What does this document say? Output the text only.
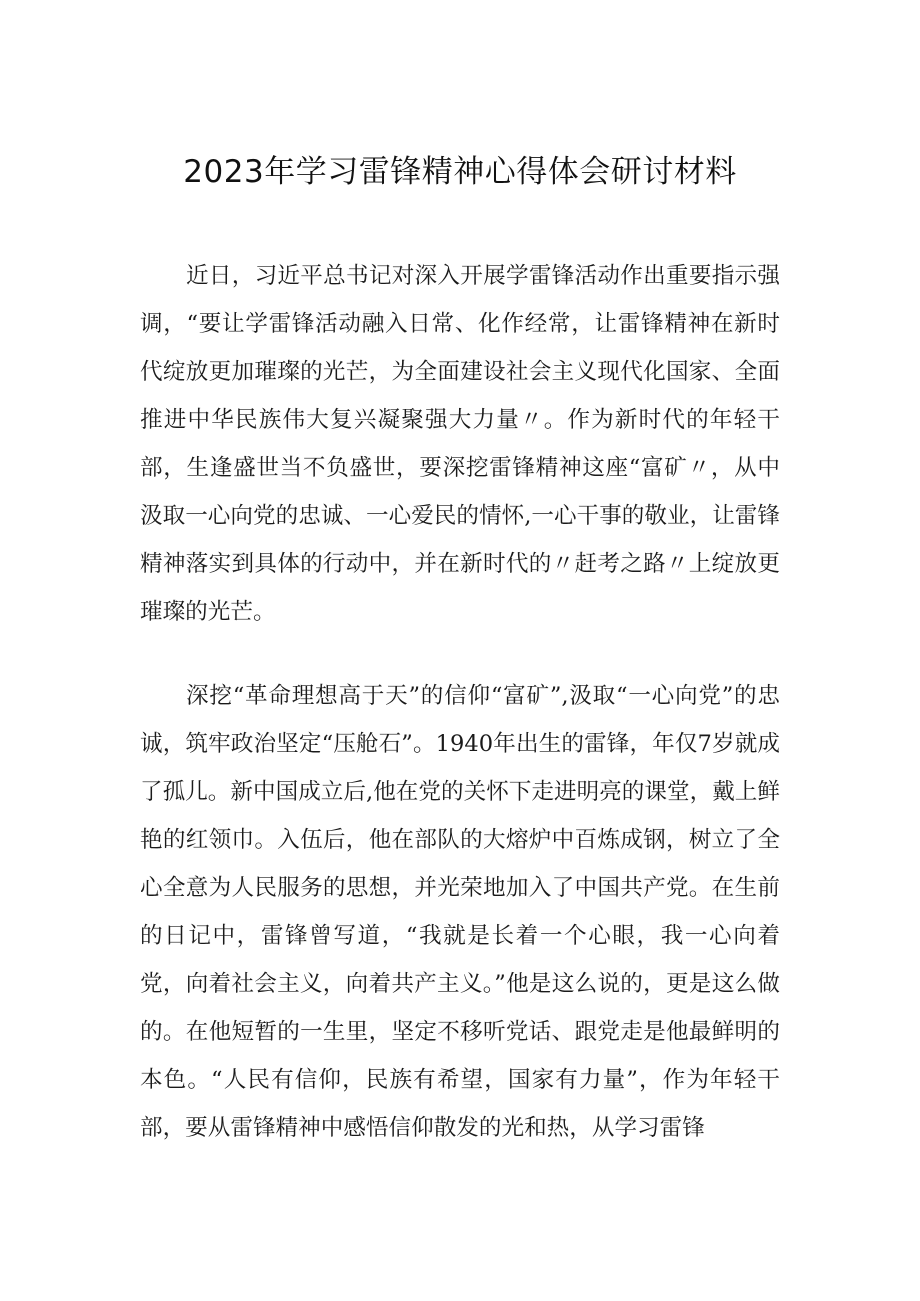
2023年学习雷锋精神心得体会研讨材料

近日，习近平总书记对深入开展学雷锋活动作出重要指示强调，“要让学雷锋活动融入日常、化作经常，让雷锋精神在新时代绽放更加璀璨的光芒，为全面建设社会主义现代化国家、全面推进中华民族伟大复兴凝聚强大力量〃。作为新时代的年轻干部，生逢盛世当不负盛世，要深挖雷锋精神这座“富矿〃，从中汲取一心向党的忠诚、一心爱民的情怀,一心干事的敬业，让雷锋精神落实到具体的行动中，并在新时代的〃赶考之路〃上绽放更璀璨的光芒。

深挖“革命理想高于天”的信仰“富矿”,汲取“一心向党”的忠诚，筑牢政治坚定“压舱石”。1940年出生的雷锋，年仅7岁就成了孤儿。新中国成立后,他在党的关怀下走进明亮的课堂，戴上鲜艳的红领巾。入伍后，他在部队的大熔炉中百炼成钢，树立了全心全意为人民服务的思想，并光荣地加入了中国共产党。在生前的日记中，雷锋曾写道，“我就是长着一个心眼，我一心向着党，向着社会主义，向着共产主义。”他是这么说的，更是这么做的。在他短暂的一生里，坚定不移听党话、跟党走是他最鲜明的本色。“人民有信仰，民族有希望，国家有力量”，作为年轻干部，要从雷锋精神中感悟信仰散发的光和热，从学习雷锋
